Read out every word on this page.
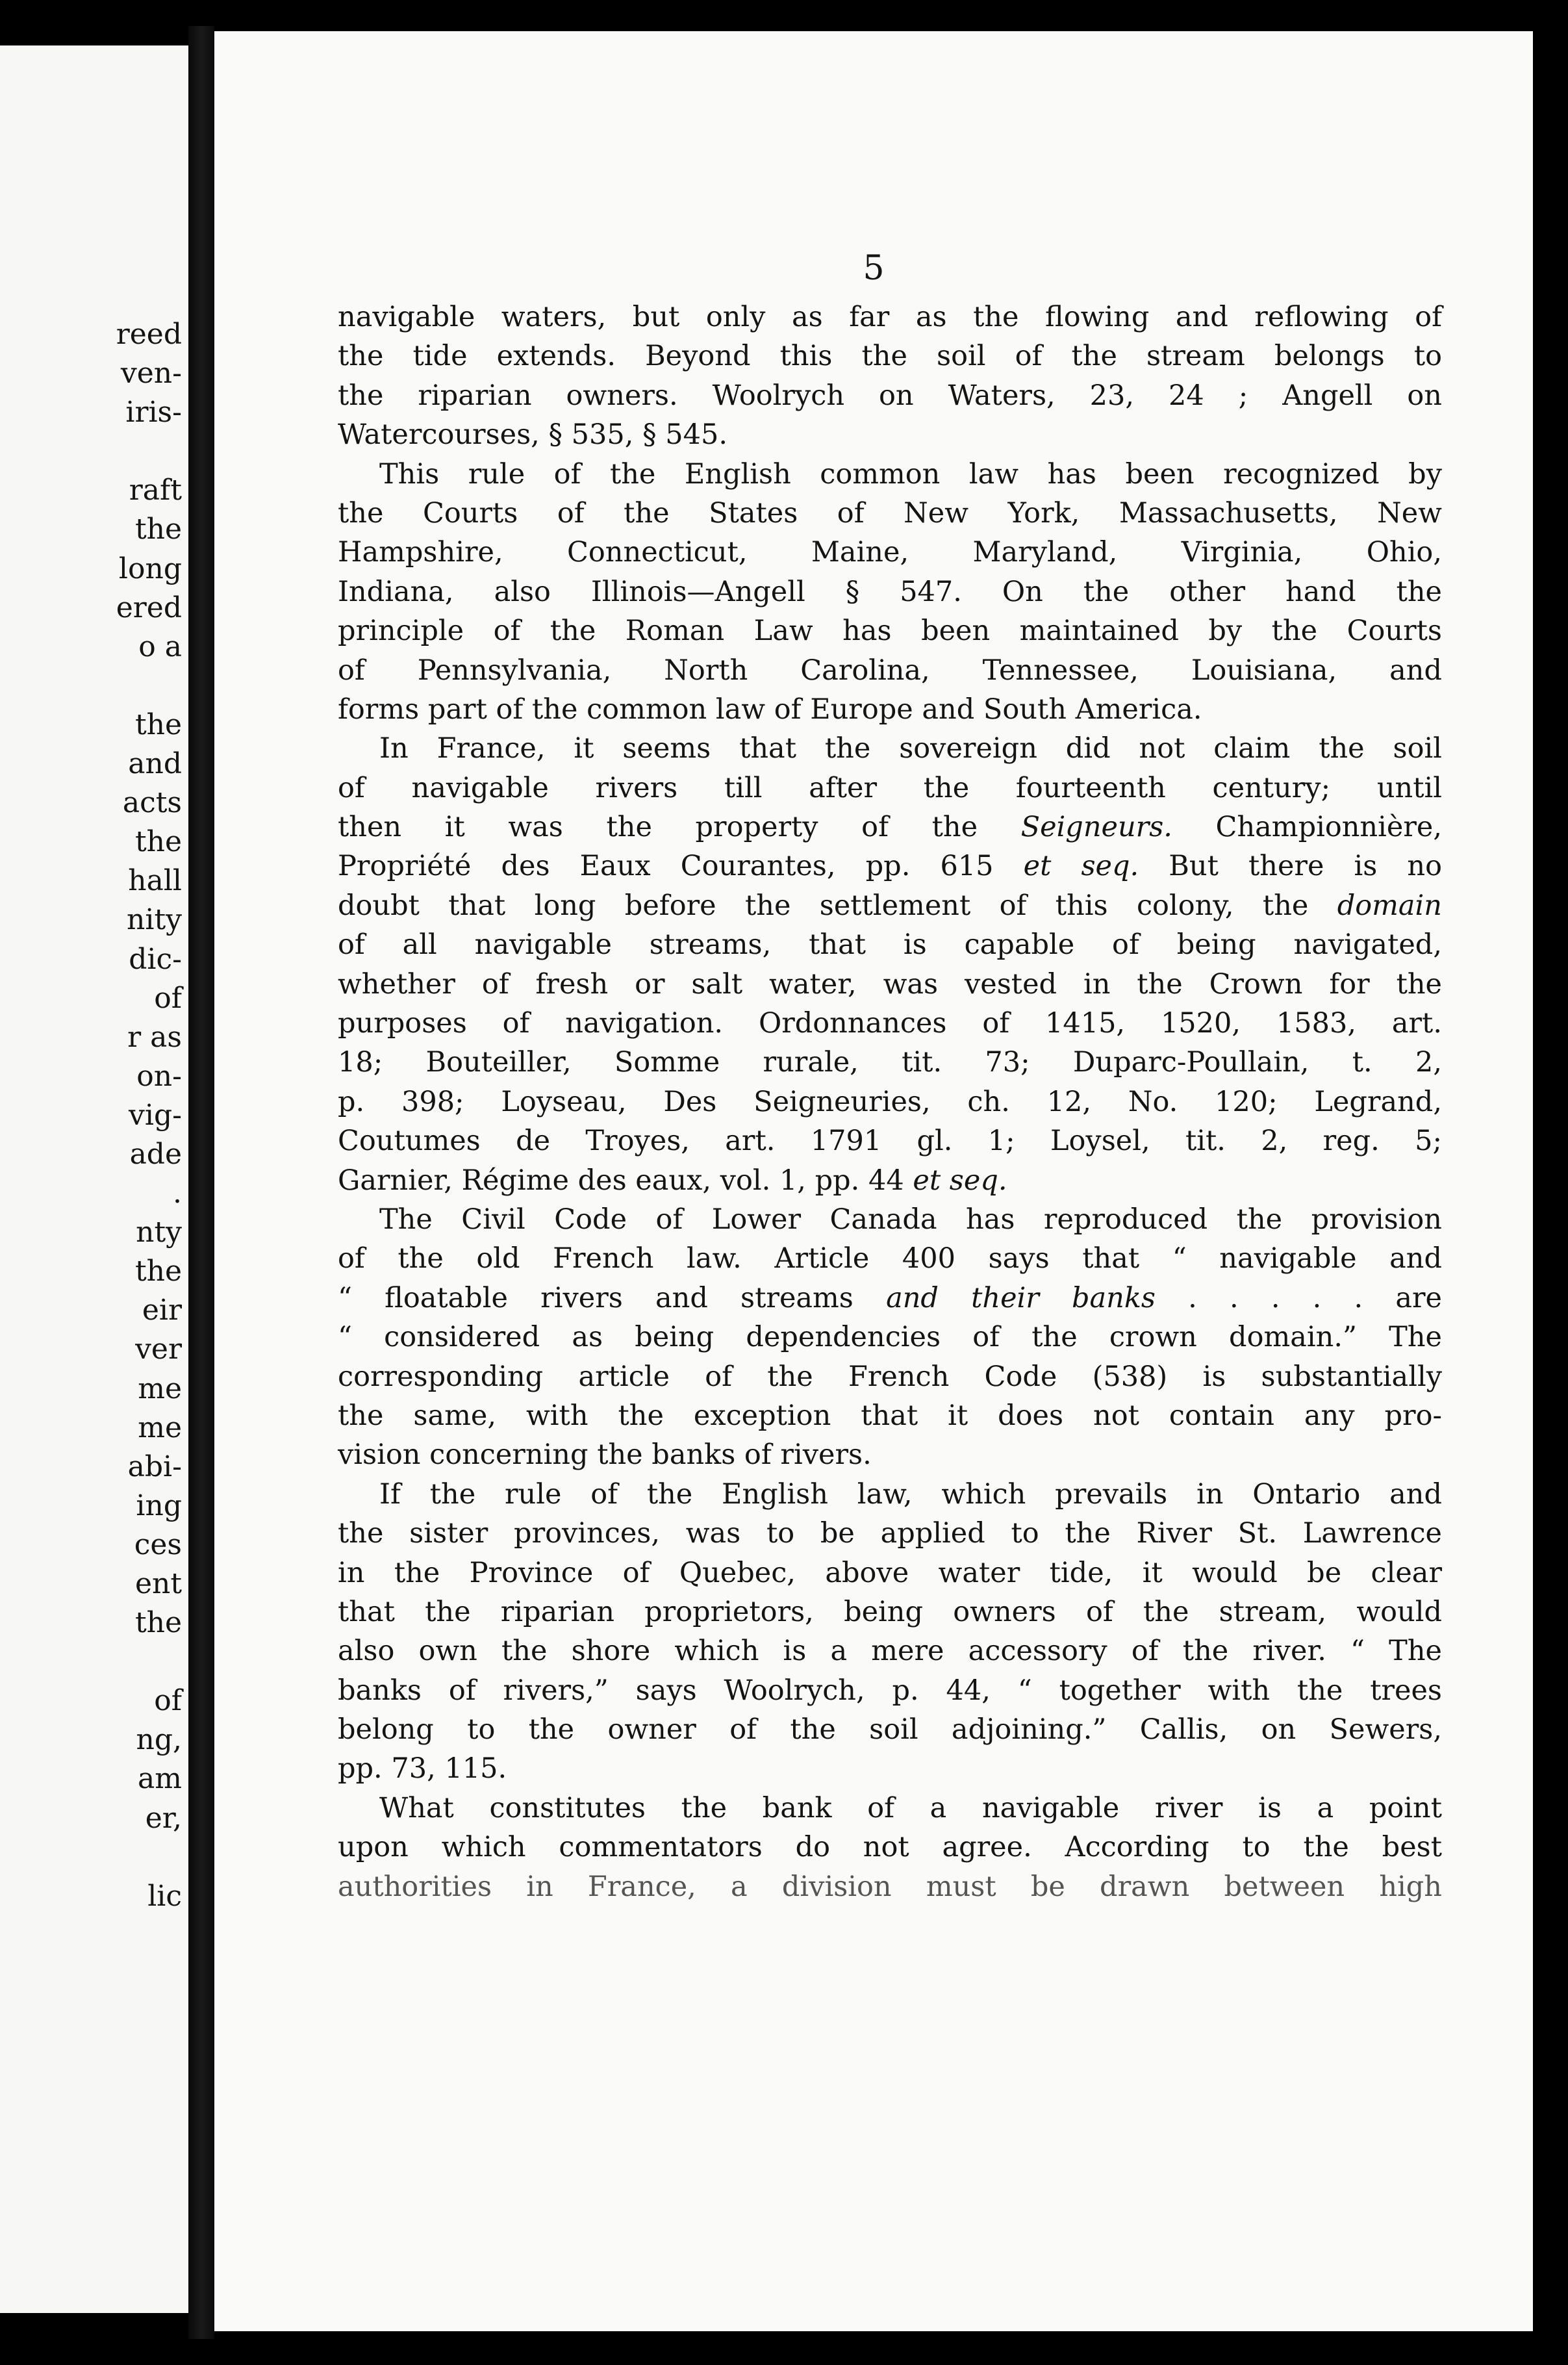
reed
ven-
iris-
raft
the
long
ered
o a
the
and
acts
the
hall
nity
dic-
of
r as
on-
vig-
ade
.
nty
the
eir
ver
me
me
abi-
ing
ces
ent
the
of
ng,
am
er,
lic
5
navigable waters, but only as far as the flowing and reflowing of
the tide extends. Beyond this the soil of the stream belongs to
the riparian owners. Woolrych on Waters, 23, 24 ; Angell on
Watercourses, § 535, § 545.
This rule of the English common law has been recognized by
the Courts of the States of New York, Massachusetts, New
Hampshire, Connecticut, Maine, Maryland, Virginia, Ohio,
Indiana, also Illinois—Angell § 547. On the other hand the
principle of the Roman Law has been maintained by the Courts
of Pennsylvania, North Carolina, Tennessee, Louisiana, and
forms part of the common law of Europe and South America.
In France, it seems that the sovereign did not claim the soil
of navigable rivers till after the fourteenth century; until
then it was the property of the Seigneurs. Championnière,
Propriété des Eaux Courantes, pp. 615 et seq. But there is no
doubt that long before the settlement of this colony, the domain
of all navigable streams, that is capable of being navigated,
whether of fresh or salt water, was vested in the Crown for the
purposes of navigation. Ordonnances of 1415, 1520, 1583, art.
18; Bouteiller, Somme rurale, tit. 73; Duparc-Poullain, t. 2,
p. 398; Loyseau, Des Seigneuries, ch. 12, No. 120; Legrand,
Coutumes de Troyes, art. 1791 gl. 1; Loysel, tit. 2, reg. 5;
Garnier, Régime des eaux, vol. 1, pp. 44 et seq.
The Civil Code of Lower Canada has reproduced the provision
of the old French law. Article 400 says that “ navigable and
“ floatable rivers and streams and their banks . . . . . are
“ considered as being dependencies of the crown domain.” The
corresponding article of the French Code (538) is substantially
the same, with the exception that it does not contain any pro-
vision concerning the banks of rivers.
If the rule of the English law, which prevails in Ontario and
the sister provinces, was to be applied to the River St. Lawrence
in the Province of Quebec, above water tide, it would be clear
that the riparian proprietors, being owners of the stream, would
also own the shore which is a mere accessory of the river. “ The
banks of rivers,” says Woolrych, p. 44, “ together with the trees
belong to the owner of the soil adjoining.” Callis, on Sewers,
pp. 73, 115.
What constitutes the bank of a navigable river is a point
upon which commentators do not agree. According to the best
authorities in France, a division must be drawn between high
